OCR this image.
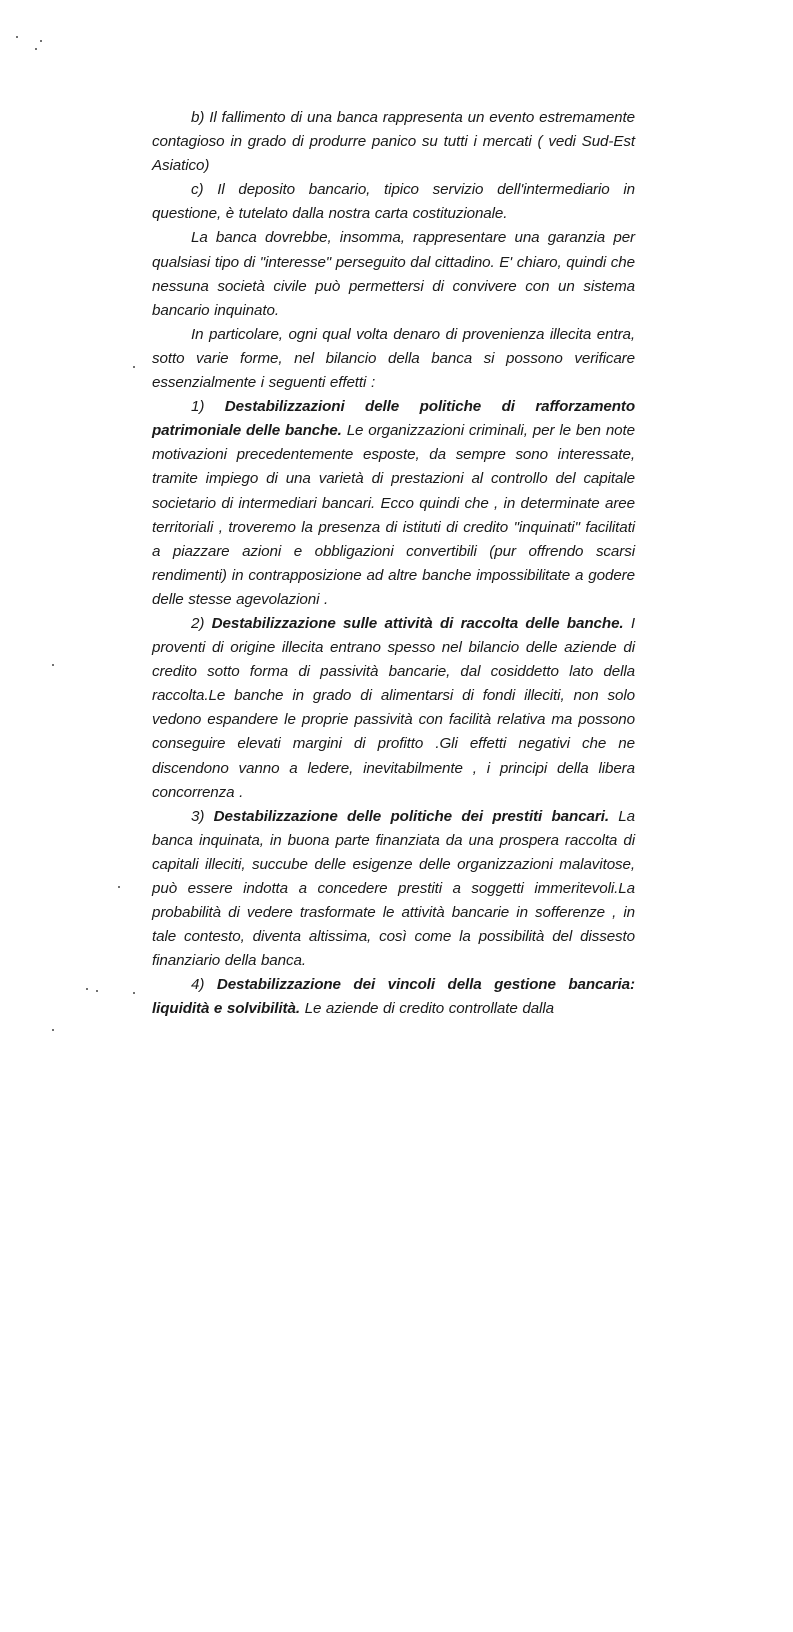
b) Il fallimento di una banca rappresenta un evento estremamente contagioso in grado di produrre panico su tutti i mercati ( vedi Sud-Est Asiatico)

c) Il deposito bancario, tipico servizio dell'intermediario in questione, è tutelato dalla nostra carta costituzionale.

La banca dovrebbe, insomma, rappresentare una garanzia per qualsiasi tipo di "interesse" perseguito dal cittadino. E' chiaro, quindi che nessuna società civile può permettersi di convivere con un sistema bancario inquinato.

In particolare, ogni qual volta denaro di provenienza illecita entra, sotto varie forme, nel bilancio della banca si possono verificare essenzialmente i seguenti effetti :

1) Destabilizzazioni delle politiche di rafforzamento patrimoniale delle banche. Le organizzazioni criminali, per le ben note motivazioni precedentemente esposte, da sempre sono interessate, tramite impiego di una varietà di prestazioni al controllo del capitale societario di intermediari bancari. Ecco quindi che , in determinate aree territoriali , troveremo la presenza di istituti di credito "inquinati" facilitati a piazzare azioni e obbligazioni convertibili (pur offrendo scarsi rendimenti) in contrapposizione ad altre banche impossibilitate a godere delle stesse agevolazioni .

2) Destabilizzazione sulle attività di raccolta delle banche. I proventi di origine illecita entrano spesso nel bilancio delle aziende di credito sotto forma di passività bancarie, dal cosiddetto lato della raccolta.Le banche in grado di alimentarsi di fondi illeciti, non solo vedono espandere le proprie passività con facilità relativa ma possono conseguire elevati margini di profitto .Gli effetti negativi che ne discendono vanno a ledere, inevitabilmente , i principi della libera concorrenza .

3) Destabilizzazione delle politiche dei prestiti bancari. La banca inquinata, in buona parte finanziata da una prospera raccolta di capitali illeciti, succube delle esigenze delle organizzazioni malavitose, può essere indotta a concedere prestiti a soggetti immeritevoli.La probabilità di vedere trasformate le attività bancarie in sofferenze , in tale contesto, diventa altissima, così come la possibilità del dissesto finanziario della banca.

4) Destabilizzazione dei vincoli della gestione bancaria: liquidità e solvibilità. Le aziende di credito controllate dalla
